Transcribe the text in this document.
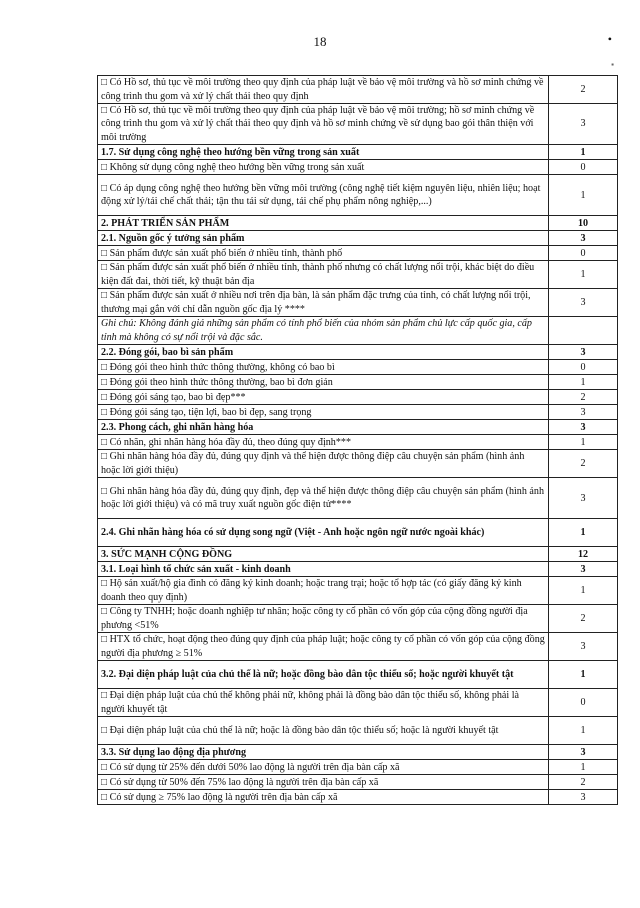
18	•
▪
□ Có Hồ sơ, thủ tục về môi trường theo quy định của pháp luật về bảo vệ môi trường và hồ sơ minh chứng về công trình thu gom và xử lý chất thải theo quy định	2
□ Có Hồ sơ, thủ tục về môi trường theo quy định của pháp luật về bảo vệ môi trường; hồ sơ minh chứng về công trình thu gom và xử lý chất thải theo quy định và hồ sơ minh chứng về sử dụng bao gói thân thiện với môi trường	3
1.7. Sử dụng công nghệ theo hướng bền vững trong sản xuất	1
□ Không sử dụng công nghệ theo hướng bền vững trong sản xuất	0
□ Có áp dụng công nghệ theo hướng bền vững môi trường (công nghệ tiết kiệm nguyên liệu, nhiên liệu; hoạt động xử lý/tái chế chất thải; tận thu tái sử dụng, tái chế phụ phẩm nông nghiệp,...)	1
2. PHÁT TRIỂN SẢN PHẨM	10
2.1. Nguồn gốc ý tưởng sản phẩm	3
□ Sản phẩm được sản xuất phổ biến ở nhiều tỉnh, thành phố	0
□ Sản phẩm được sản xuất phổ biến ở nhiều tỉnh, thành phố nhưng có chất lượng nổi trội, khác biệt do điều kiện đất đai, thời tiết, kỹ thuật bản địa	1
□ Sản phẩm được sản xuất ở nhiều nơi trên địa bàn, là sản phẩm đặc trưng của tỉnh, có chất lượng nổi trội, thương mại gắn với chỉ dẫn nguồn gốc địa lý ****	3
Ghi chú: Không đánh giá những sản phẩm có tính phổ biến của nhóm sản phẩm chủ lực cấp quốc gia, cấp tỉnh mà không có sự nổi trội và đặc sắc.	
2.2. Đóng gói, bao bì sản phẩm	3
□ Đóng gói theo hình thức thông thường, không có bao bì	0
□ Đóng gói theo hình thức thông thường, bao bì đơn giản	1
□ Đóng gói sáng tạo, bao bì đẹp***	2
□ Đóng gói sáng tạo, tiện lợi, bao bì đẹp, sang trọng	3
2.3. Phong cách, ghi nhãn hàng hóa	3
□ Có nhãn, ghi nhãn hàng hóa đầy đủ, theo đúng quy định***	1
□ Ghi nhãn hàng hóa đầy đủ, đúng quy định và thể hiện được thông điệp câu chuyện sản phẩm (hình ảnh hoặc lời giới thiệu)	2
□ Ghi nhãn hàng hóa đầy đủ, đúng quy định, đẹp và thể hiện được thông điệp câu chuyện sản phẩm (hình ảnh hoặc lời giới thiệu) và có mã truy xuất nguồn gốc điện tử****	3
2.4. Ghi nhãn hàng hóa có sử dụng song ngữ (Việt - Anh hoặc ngôn ngữ nước ngoài khác)	1
3. SỨC MẠNH CỘNG ĐỒNG	12
3.1. Loại hình tổ chức sản xuất - kinh doanh	3
□ Hộ sản xuất/hộ gia đình có đăng ký kinh doanh; hoặc trang trại; hoặc tổ hợp tác (có giấy đăng ký kinh doanh theo quy định)	1
□ Công ty TNHH; hoặc doanh nghiệp tư nhân; hoặc công ty cổ phần có vốn góp của cộng đồng người địa phương <51%	2
□ HTX tổ chức, hoạt động theo đúng quy định của pháp luật; hoặc công ty cổ phần có vốn góp của cộng đồng người địa phương ≥ 51%	3
3.2. Đại diện pháp luật của chủ thể là nữ; hoặc đồng bào dân tộc thiểu số; hoặc người khuyết tật	1
□ Đại diện pháp luật của chủ thể không phải nữ, không phải là đồng bào dân tộc thiểu số, không phải là người khuyết tật	0
□ Đại diện pháp luật của chủ thể là nữ; hoặc là đồng bào dân tộc thiểu số; hoặc là người khuyết tật	1
3.3. Sử dụng lao động địa phương	3
□ Có sử dụng từ 25% đến dưới 50% lao động là người trên địa bàn cấp xã	1
□ Có sử dụng từ 50% đến 75% lao động là người trên địa bàn cấp xã	2
□ Có sử dụng ≥ 75% lao động là người trên địa bàn cấp xã	3
